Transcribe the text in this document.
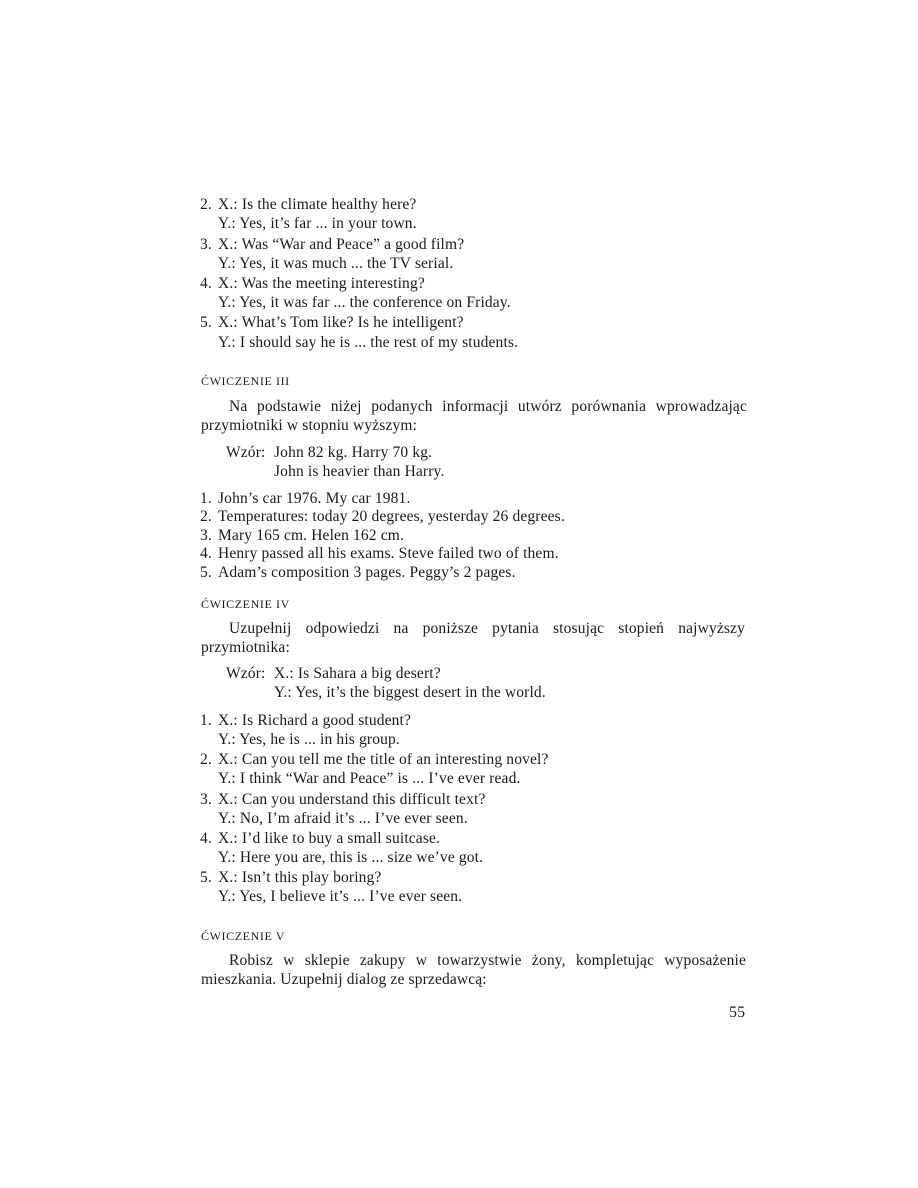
2. X.: Is the climate healthy here?
Y.: Yes, it’s far ... in your town.
3. X.: Was “War and Peace” a good film?
Y.: Yes, it was much ... the TV serial.
4. X.: Was the meeting interesting?
Y.: Yes, it was far ... the conference on Friday.
5. X.: What’s Tom like? Is he intelligent?
Y.: I should say he is ... the rest of my students.
ĆWICZENIE III
Na podstawie niżej podanych informacji utwórz porównania wprowadzając
przymiotniki w stopniu wyższym:
Wzór: John 82 kg. Harry 70 kg.
John is heavier than Harry.
1. John’s car 1976. My car 1981.
2. Temperatures: today 20 degrees, yesterday 26 degrees.
3. Mary 165 cm. Helen 162 cm.
4. Henry passed all his exams. Steve failed two of them.
5. Adam’s composition 3 pages. Peggy’s 2 pages.
ĆWICZENIE IV
Uzupełnij odpowiedzi na poniższe pytania stosując stopień najwyższy
przymiotnika:
Wzór: X.: Is Sahara a big desert?
Y.: Yes, it’s the biggest desert in the world.
1. X.: Is Richard a good student?
Y.: Yes, he is ... in his group.
2. X.: Can you tell me the title of an interesting novel?
Y.: I think “War and Peace” is ... I’ve ever read.
3. X.: Can you understand this difficult text?
Y.: No, I’m afraid it’s ... I’ve ever seen.
4. X.: I’d like to buy a small suitcase.
Y.: Here you are, this is ... size we’ve got.
5. X.: Isn’t this play boring?
Y.: Yes, I believe it’s ... I’ve ever seen.
ĆWICZENIE V
Robisz w sklepie zakupy w towarzystwie żony, kompletując wyposażenie
mieszkania. Uzupełnij dialog ze sprzedawcą:
55
